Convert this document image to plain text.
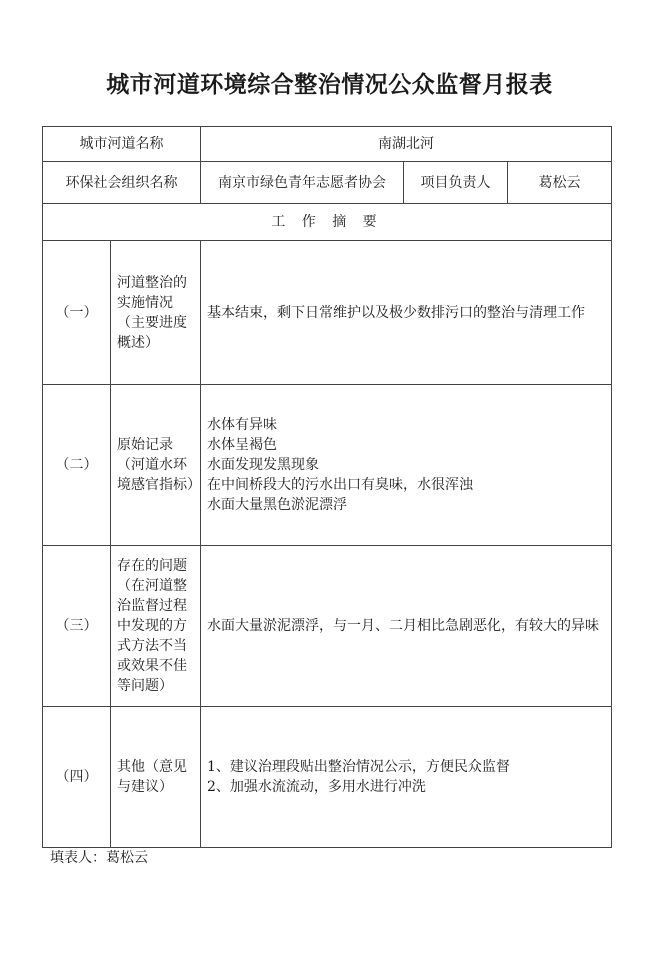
城市河道环境综合整治情况公众监督月报表
城市河道名称		南湖北河		
环保社会组织名称		南京市绿色青年志愿者协会	项目负责人	葛松云
工 作 摘 要				
（一）	河道整治的实施情况（主要进度概述）	基本结束，剩下日常维护以及极少数排污口的整治与清理工作		

（二）	原始记录（河道水环境感官指标）	水体有异味
水体呈褐色
水面发现发黑现象
在中间桥段大的污水出口有臭味，水很浑浊
水面大量黑色淤泥漂浮		

（三）	存在的问题（在河道整治监督过程中发现的方式方法不当或效果不佳等问题）	水面大量淤泥漂浮，与一月、二月相比急剧恶化，有较大的异味		

（四）	其他（意见与建议）	1、建议治理段贴出整治情况公示，方便民众监督
2、加强水流流动，多用水进行冲洗		
填表人：葛松云
